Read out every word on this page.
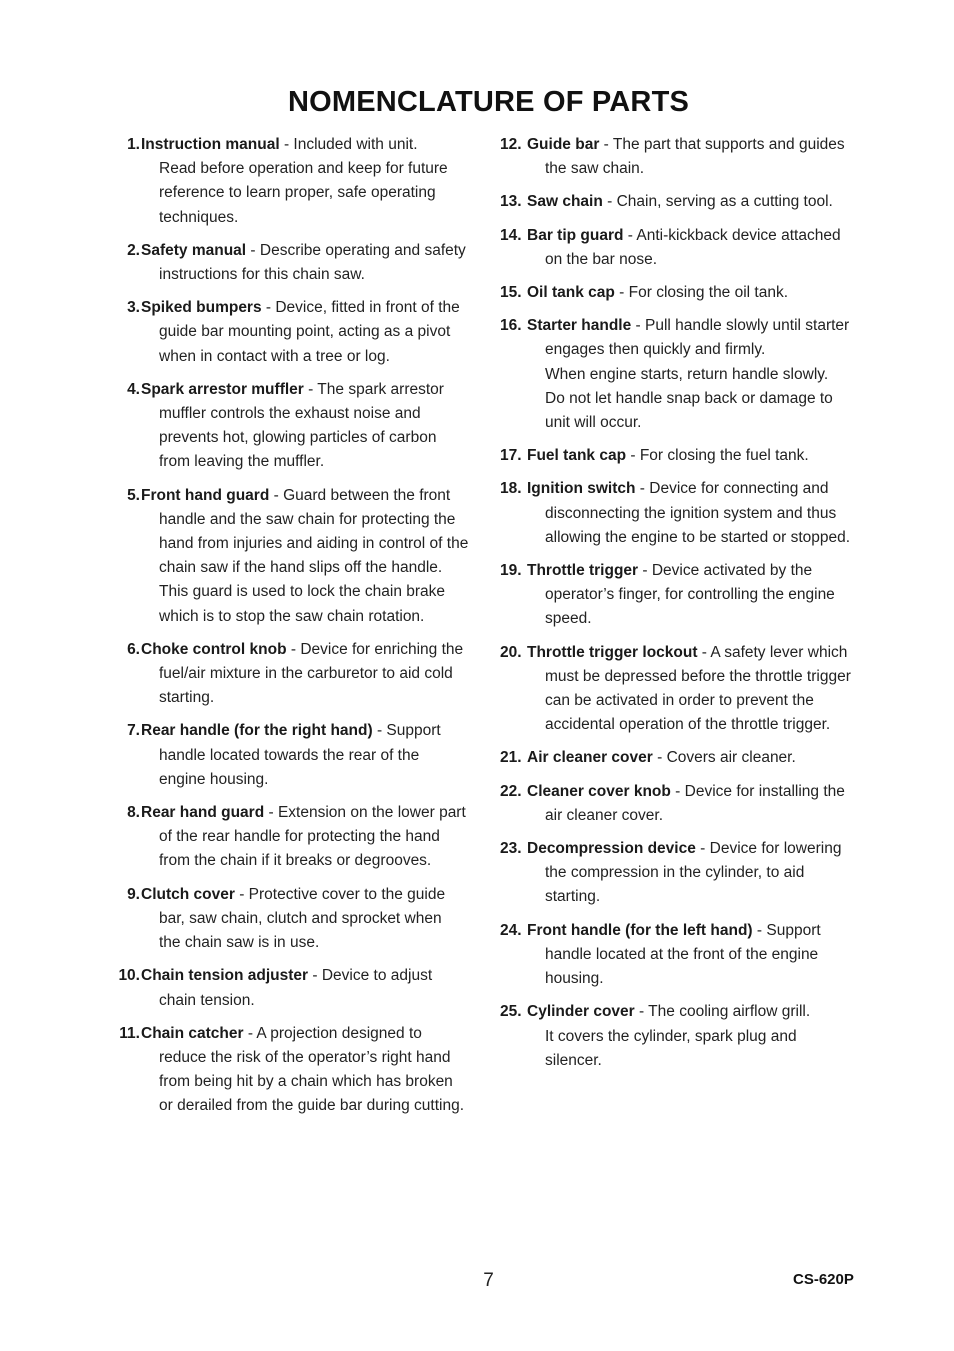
NOMENCLATURE OF PARTS
1. Instruction manual - Included with unit.
Read before operation and keep for future
reference to learn proper, safe operating
techniques.
2. Safety manual - Describe operating and safety
instructions for this chain saw.
3. Spiked bumpers - Device, fitted in front of the
guide bar mounting point, acting as a pivot
when in contact with a tree or log.
4. Spark arrestor muffler - The spark arrestor
muffler controls the exhaust noise and
prevents hot, glowing particles of carbon
from leaving the muffler.
5. Front hand guard - Guard between the front
handle and the saw chain for protecting the
hand from injuries and aiding in control of the
chain saw if the hand slips off the handle.
This guard is used to lock the chain brake
which is to stop the saw chain rotation.
6. Choke control knob - Device for enriching the
fuel/air mixture in the carburetor to aid cold
starting.
7. Rear handle (for the right hand) - Support
handle located towards the rear of the
engine housing.
8. Rear hand guard - Extension on the lower part
of the rear handle for protecting the hand
from the chain if it breaks or degrooves.
9. Clutch cover - Protective cover to the guide
bar, saw chain, clutch and sprocket when
the chain saw is in use.
10. Chain tension adjuster - Device to adjust
chain tension.
11. Chain catcher - A projection designed to
reduce the risk of the operator’s right hand
from being hit by a chain which has broken
or derailed from the guide bar during cutting.
12. Guide bar - The part that supports and guides
the saw chain.
13. Saw chain - Chain, serving as a cutting tool.
14. Bar tip guard - Anti-kickback device attached
on the bar nose.
15. Oil tank cap - For closing the oil tank.
16. Starter handle - Pull handle slowly until starter
engages then quickly and firmly.
When engine starts, return handle slowly.
Do not let handle snap back or damage to
unit will occur.
17. Fuel tank cap - For closing the fuel tank.
18. Ignition switch - Device for connecting and
disconnecting the ignition system and thus
allowing the engine to be started or stopped.
19. Throttle trigger - Device activated by the
operator’s finger, for controlling the engine
speed.
20. Throttle trigger lockout - A safety lever which
must be depressed before the throttle trigger
can be activated in order to prevent the
accidental operation of the throttle trigger.
21. Air cleaner cover - Covers air cleaner.
22. Cleaner cover knob - Device for installing the
air cleaner cover.
23. Decompression device - Device for lowering
the compression in the cylinder, to aid
starting.
24. Front handle (for the left hand) - Support
handle located at the front of the engine
housing.
25. Cylinder cover - The cooling airflow grill.
It covers the cylinder, spark plug and
silencer.
7	CS-620P
